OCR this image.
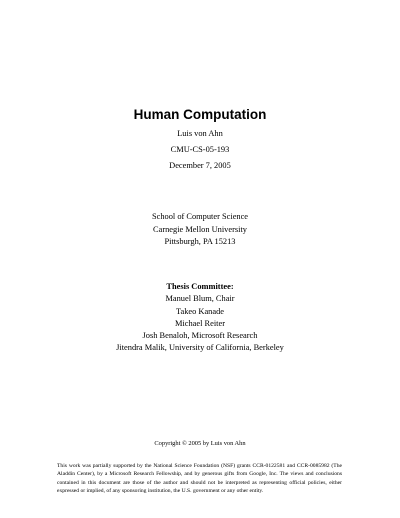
Human Computation
Luis von Ahn
CMU-CS-05-193
December 7, 2005
School of Computer Science
Carnegie Mellon University
Pittsburgh, PA 15213
Thesis Committee:
Manuel Blum, Chair
Takeo Kanade
Michael Reiter
Josh Benaloh, Microsoft Research
Jitendra Malik, University of California, Berkeley
Copyright © 2005 by Luis von Ahn
This work was partially supported by the National Science Foundation (NSF) grants CCR-0122581 and CCR-0085982 (The Aladdin Center), by a Microsoft Research Fellowship, and by generous gifts from Google, Inc. The views and conclusions contained in this document are those of the author and should not be interpreted as representing official policies, either expressed or implied, of any sponsoring institution, the U.S. government or any other entity.
